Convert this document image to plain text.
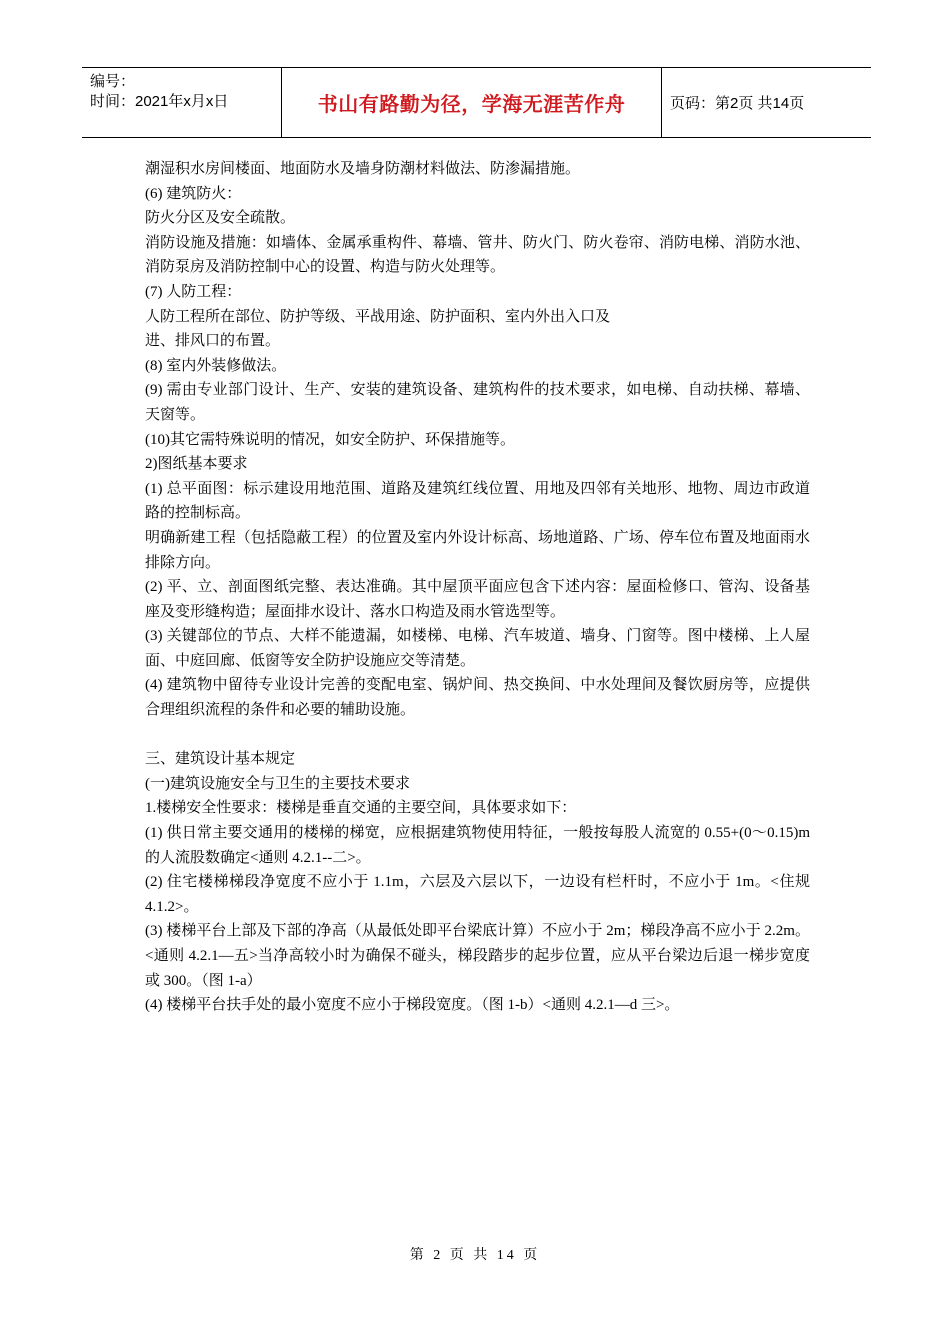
编号：
时间：2021年x月x日	书山有路勤为径，学海无涯苦作舟	页码：第2页 共14页

潮湿积水房间楼面、地面防水及墙身防潮材料做法、防渗漏措施。

(6) 建筑防火：

防火分区及安全疏散。

消防设施及措施：如墙体、金属承重构件、幕墙、管井、防火门、防火卷帘、消防电梯、消防水池、消防泵房及消防控制中心的设置、构造与防火处理等。

(7) 人防工程：

人防工程所在部位、防护等级、平战用途、防护面积、室内外出入口及

进、排风口的布置。

(8) 室内外装修做法。

(9) 需由专业部门设计、生产、安装的建筑设备、建筑构件的技术要求，如电梯、自动扶梯、幕墙、天窗等。

(10)其它需特殊说明的情况，如安全防护、环保措施等。

2)图纸基本要求

(1) 总平面图：标示建设用地范围、道路及建筑红线位置、用地及四邻有关地形、地物、周边市政道路的控制标高。

明确新建工程（包括隐蔽工程）的位置及室内外设计标高、场地道路、广场、停车位布置及地面雨水排除方向。

(2) 平、立、剖面图纸完整、表达准确。其中屋顶平面应包含下述内容：屋面检修口、管沟、设备基座及变形缝构造；屋面排水设计、落水口构造及雨水管选型等。

(3) 关键部位的节点、大样不能遗漏，如楼梯、电梯、汽车坡道、墙身、门窗等。图中楼梯、上人屋面、中庭回廊、低窗等安全防护设施应交等清楚。

(4) 建筑物中留待专业设计完善的变配电室、锅炉间、热交换间、中水处理间及餐饮厨房等，应提供合理组织流程的条件和必要的辅助设施。

三、建筑设计基本规定

(一)建筑设施安全与卫生的主要技术要求

1.楼梯安全性要求：楼梯是垂直交通的主要空间，具体要求如下：

(1) 供日常主要交通用的楼梯的梯宽，应根据建筑物使用特征，一般按每股人流宽的 0.55+(0～0.15)m 的人流股数确定<通则 4.2.1--二>。

(2) 住宅楼梯梯段净宽度不应小于 1.1m，六层及六层以下，一边设有栏杆时，不应小于 1m。<住规 4.1.2>。

(3) 楼梯平台上部及下部的净高（从最低处即平台梁底计算）不应小于 2m；梯段净高不应小于 2.2m。<通则 4.2.1—五>当净高较小时为确保不碰头，梯段踏步的起步位置，应从平台梁边后退一梯步宽度或 300。（图 1-a）

(4) 楼梯平台扶手处的最小宽度不应小于梯段宽度。（图 1-b）<通则 4.2.1—d 三>。

第 2 页 共 14 页
